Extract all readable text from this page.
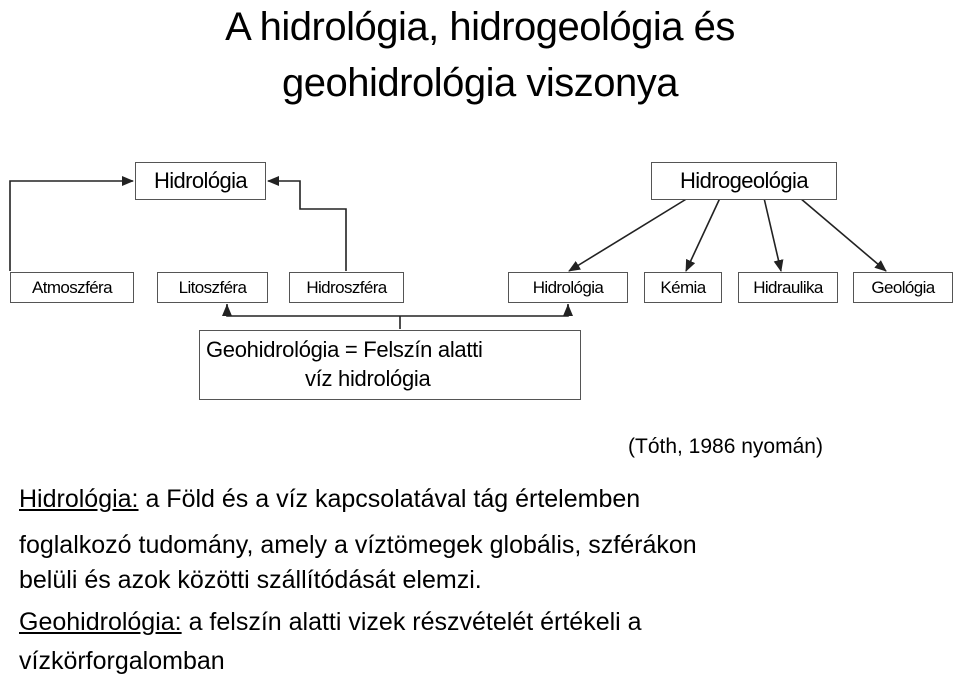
A hidrológia, hidrogeológia és
geohidrológia viszonya
Hidrológia	Hidrogeológia
Atmoszféra	Litoszféra	Hidroszféra	Hidrológia	Kémia	Hidraulika	Geológia
Geohidrológia = Felszín alatti
víz hidrológia
(Tóth, 1986 nyomán)
Hidrológia: a Föld és a víz kapcsolatával tág értelemben
foglalkozó tudomány, amely a víztömegek globális, szférákon
belüli és azok közötti szállítódását elemzi.
Geohidrológia: a felszín alatti vizek részvételét értékeli a
vízkörforgalomban
